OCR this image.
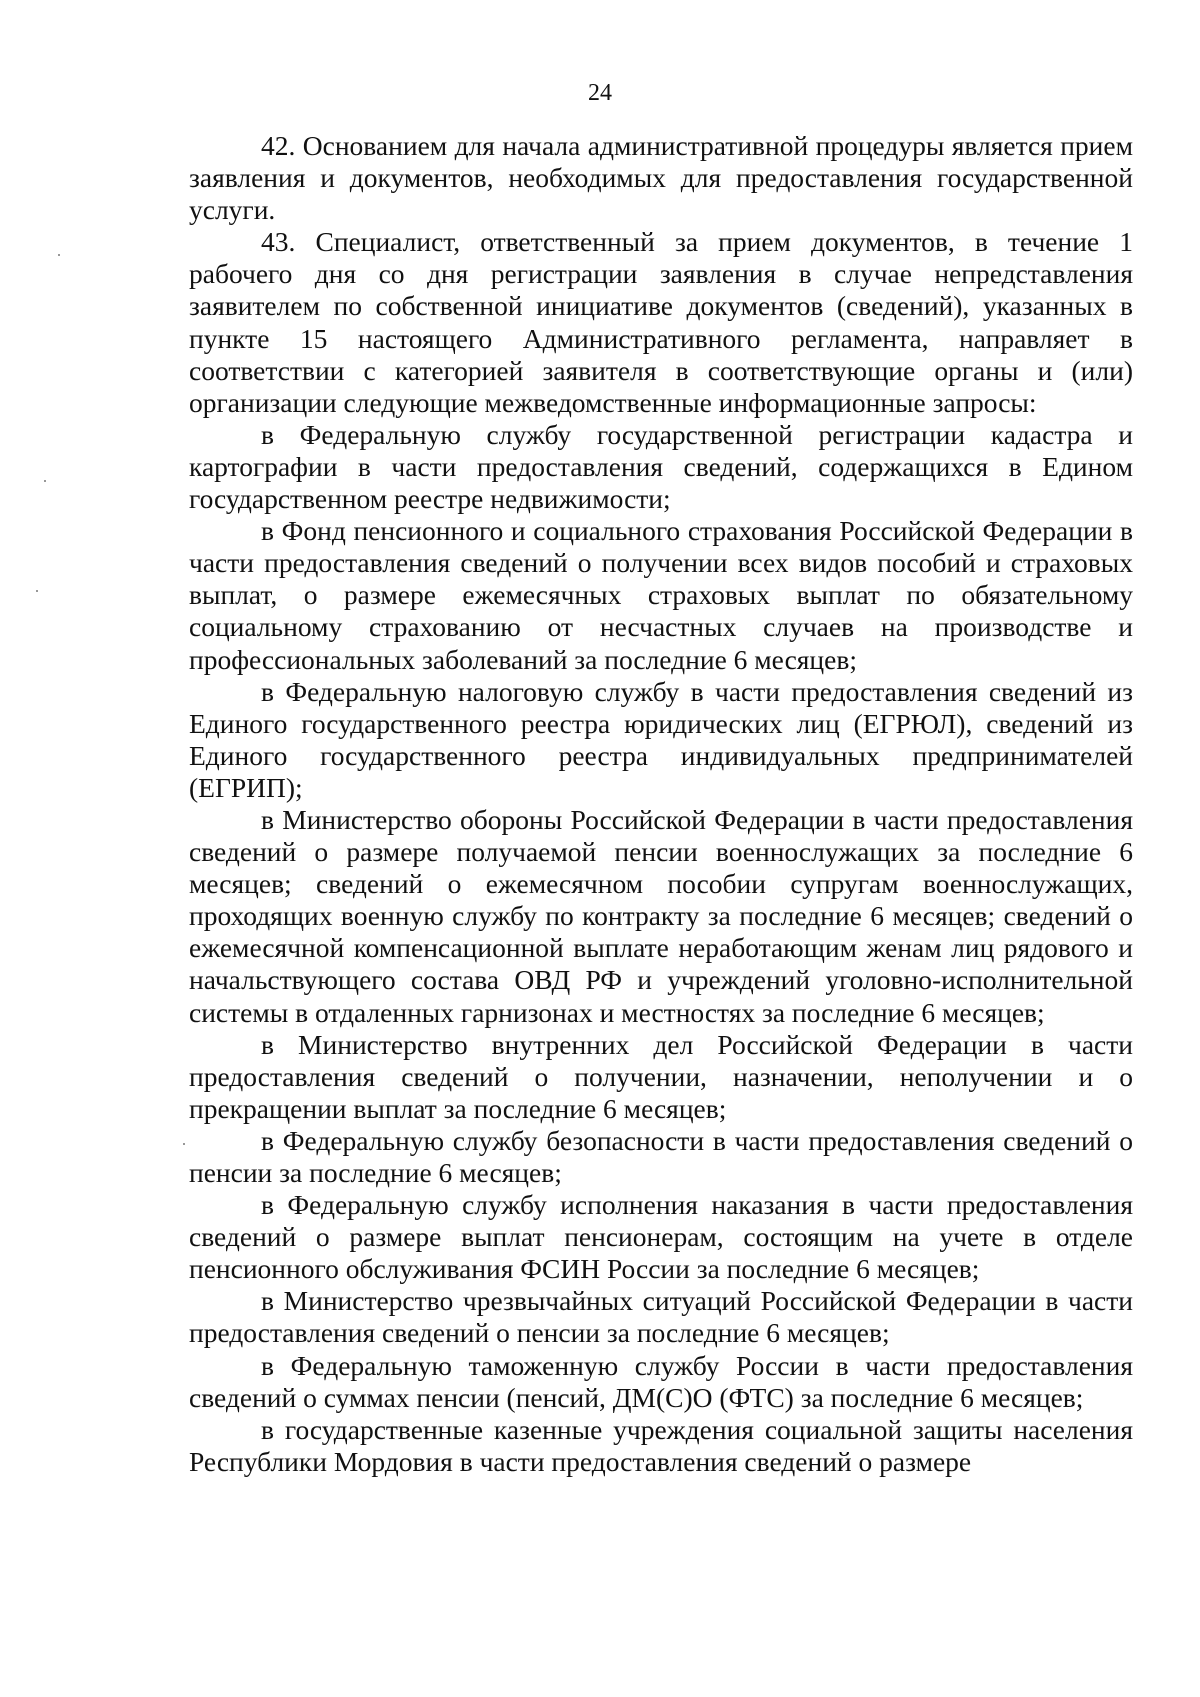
24

42. Основанием для начала административной процедуры является прием заявления и документов, необходимых для предоставления государственной услуги.

43. Специалист, ответственный за прием документов, в течение 1 рабочего дня со дня регистрации заявления в случае непредставления заявителем по собственной инициативе документов (сведений), указанных в пункте 15 настоящего Административного регламента, направляет в соответствии с категорией заявителя в соответствующие органы и (или) организации следующие межведомственные информационные запросы:

в Федеральную службу государственной регистрации кадастра и картографии в части предоставления сведений, содержащихся в Едином государственном реестре недвижимости;

в Фонд пенсионного и социального страхования Российской Федерации в части предоставления сведений о получении всех видов пособий и страховых выплат, о размере ежемесячных страховых выплат по обязательному социальному страхованию от несчастных случаев на производстве и профессиональных заболеваний за последние 6 месяцев;

в Федеральную налоговую службу в части предоставления сведений из Единого государственного реестра юридических лиц (ЕГРЮЛ), сведений из Единого государственного реестра индивидуальных предпринимателей (ЕГРИП);

в Министерство обороны Российской Федерации в части предоставления сведений о размере получаемой пенсии военнослужащих за последние 6 месяцев; сведений о ежемесячном пособии супругам военнослужащих, проходящих военную службу по контракту за последние 6 месяцев; сведений о ежемесячной компенсационной выплате неработающим женам лиц рядового и начальствующего состава ОВД РФ и учреждений уголовно-исполнительной системы в отдаленных гарнизонах и местностях за последние 6 месяцев;

в Министерство внутренних дел Российской Федерации в части предоставления сведений о получении, назначении, неполучении и о прекращении выплат за последние 6 месяцев;

в Федеральную службу безопасности в части предоставления сведений о пенсии за последние 6 месяцев;

в Федеральную службу исполнения наказания в части предоставления сведений о размере выплат пенсионерам, состоящим на учете в отделе пенсионного обслуживания ФСИН России за последние 6 месяцев;

в Министерство чрезвычайных ситуаций Российской Федерации в части предоставления сведений о пенсии за последние 6 месяцев;

в Федеральную таможенную службу России в части предоставления сведений о суммах пенсии (пенсий, ДМ(С)О (ФТС) за последние 6 месяцев;

в государственные казенные учреждения социальной защиты населения Республики Мордовия в части предоставления сведений о размере
